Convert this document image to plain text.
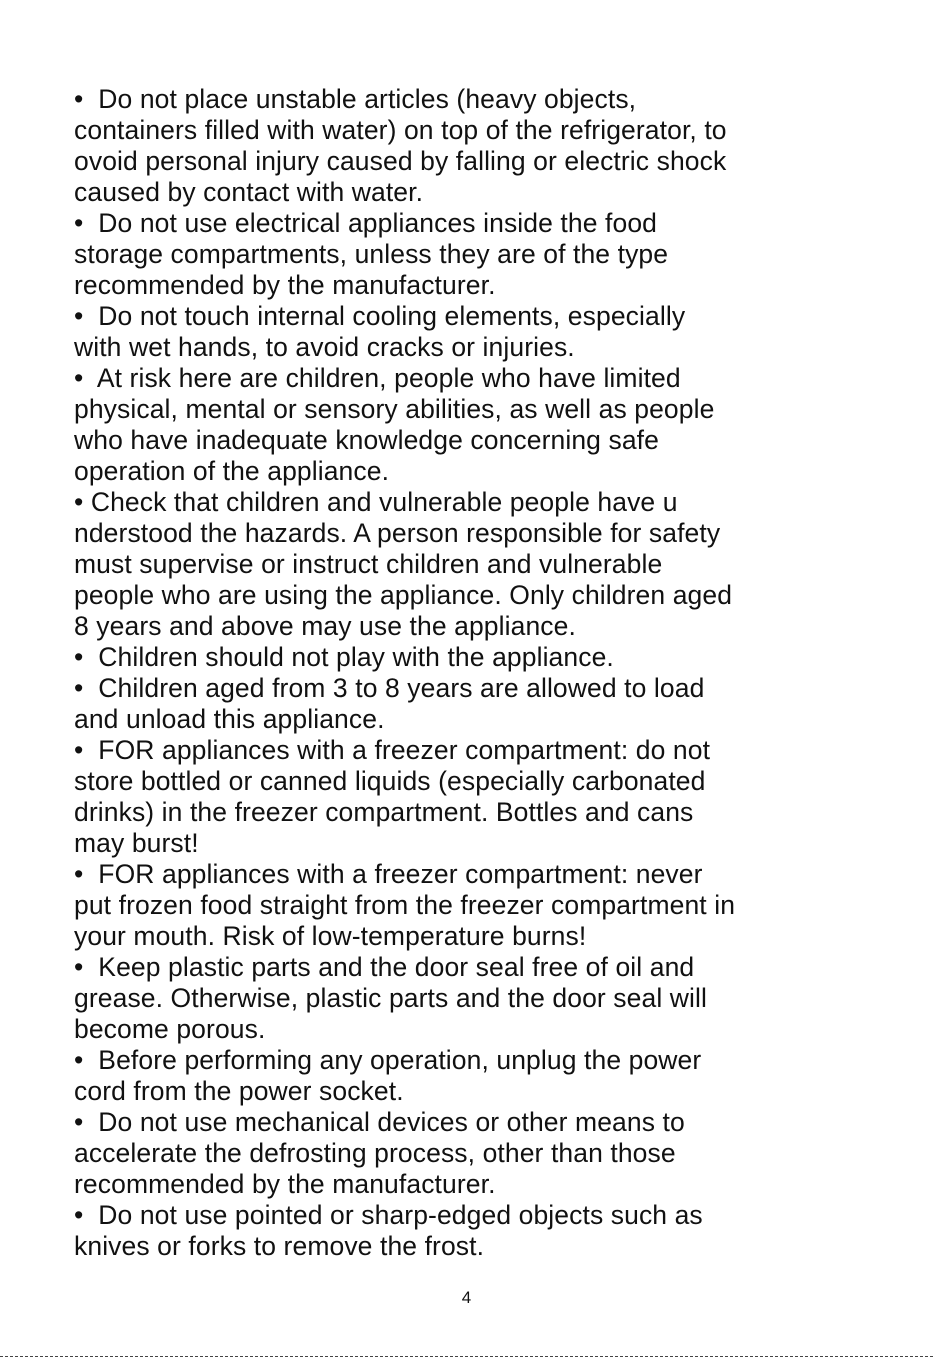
•  Do not place unstable articles (heavy objects,
containers filled with water) on top of the refrigerator, to
ovoid personal injury caused by falling or electric shock
caused by contact with water.
•  Do not use electrical appliances inside the food
storage compartments, unless they are of the type
recommended by the manufacturer.
•  Do not touch internal cooling elements, especially
with wet hands, to avoid cracks or injuries.
•  At risk here are children, people who have limited
physical, mental or sensory abilities, as well as people
who have inadequate knowledge concerning safe
operation of the appliance.
• Check that children and vulnerable people have u
nderstood the hazards. A person responsible for safety
must supervise or instruct children and vulnerable
people who are using the appliance. Only children aged
8 years and above may use the appliance.
•  Children should not play with the appliance.
•  Children aged from 3 to 8 years are allowed to load
and unload this appliance.
•  FOR appliances with a freezer compartment: do not
store bottled or canned liquids (especially carbonated
drinks) in the freezer compartment. Bottles and cans
may burst!
•  FOR appliances with a freezer compartment: never
put frozen food straight from the freezer compartment in
your mouth. Risk of low-temperature burns!
•  Keep plastic parts and the door seal free of oil and
grease. Otherwise, plastic parts and the door seal will
become porous.
•  Before performing any operation, unplug the power
cord from the power socket.
•  Do not use mechanical devices or other means to
accelerate the defrosting process, other than those
recommended by the manufacturer.
•  Do not use pointed or sharp-edged objects such as
knives or forks to remove the frost.
4
